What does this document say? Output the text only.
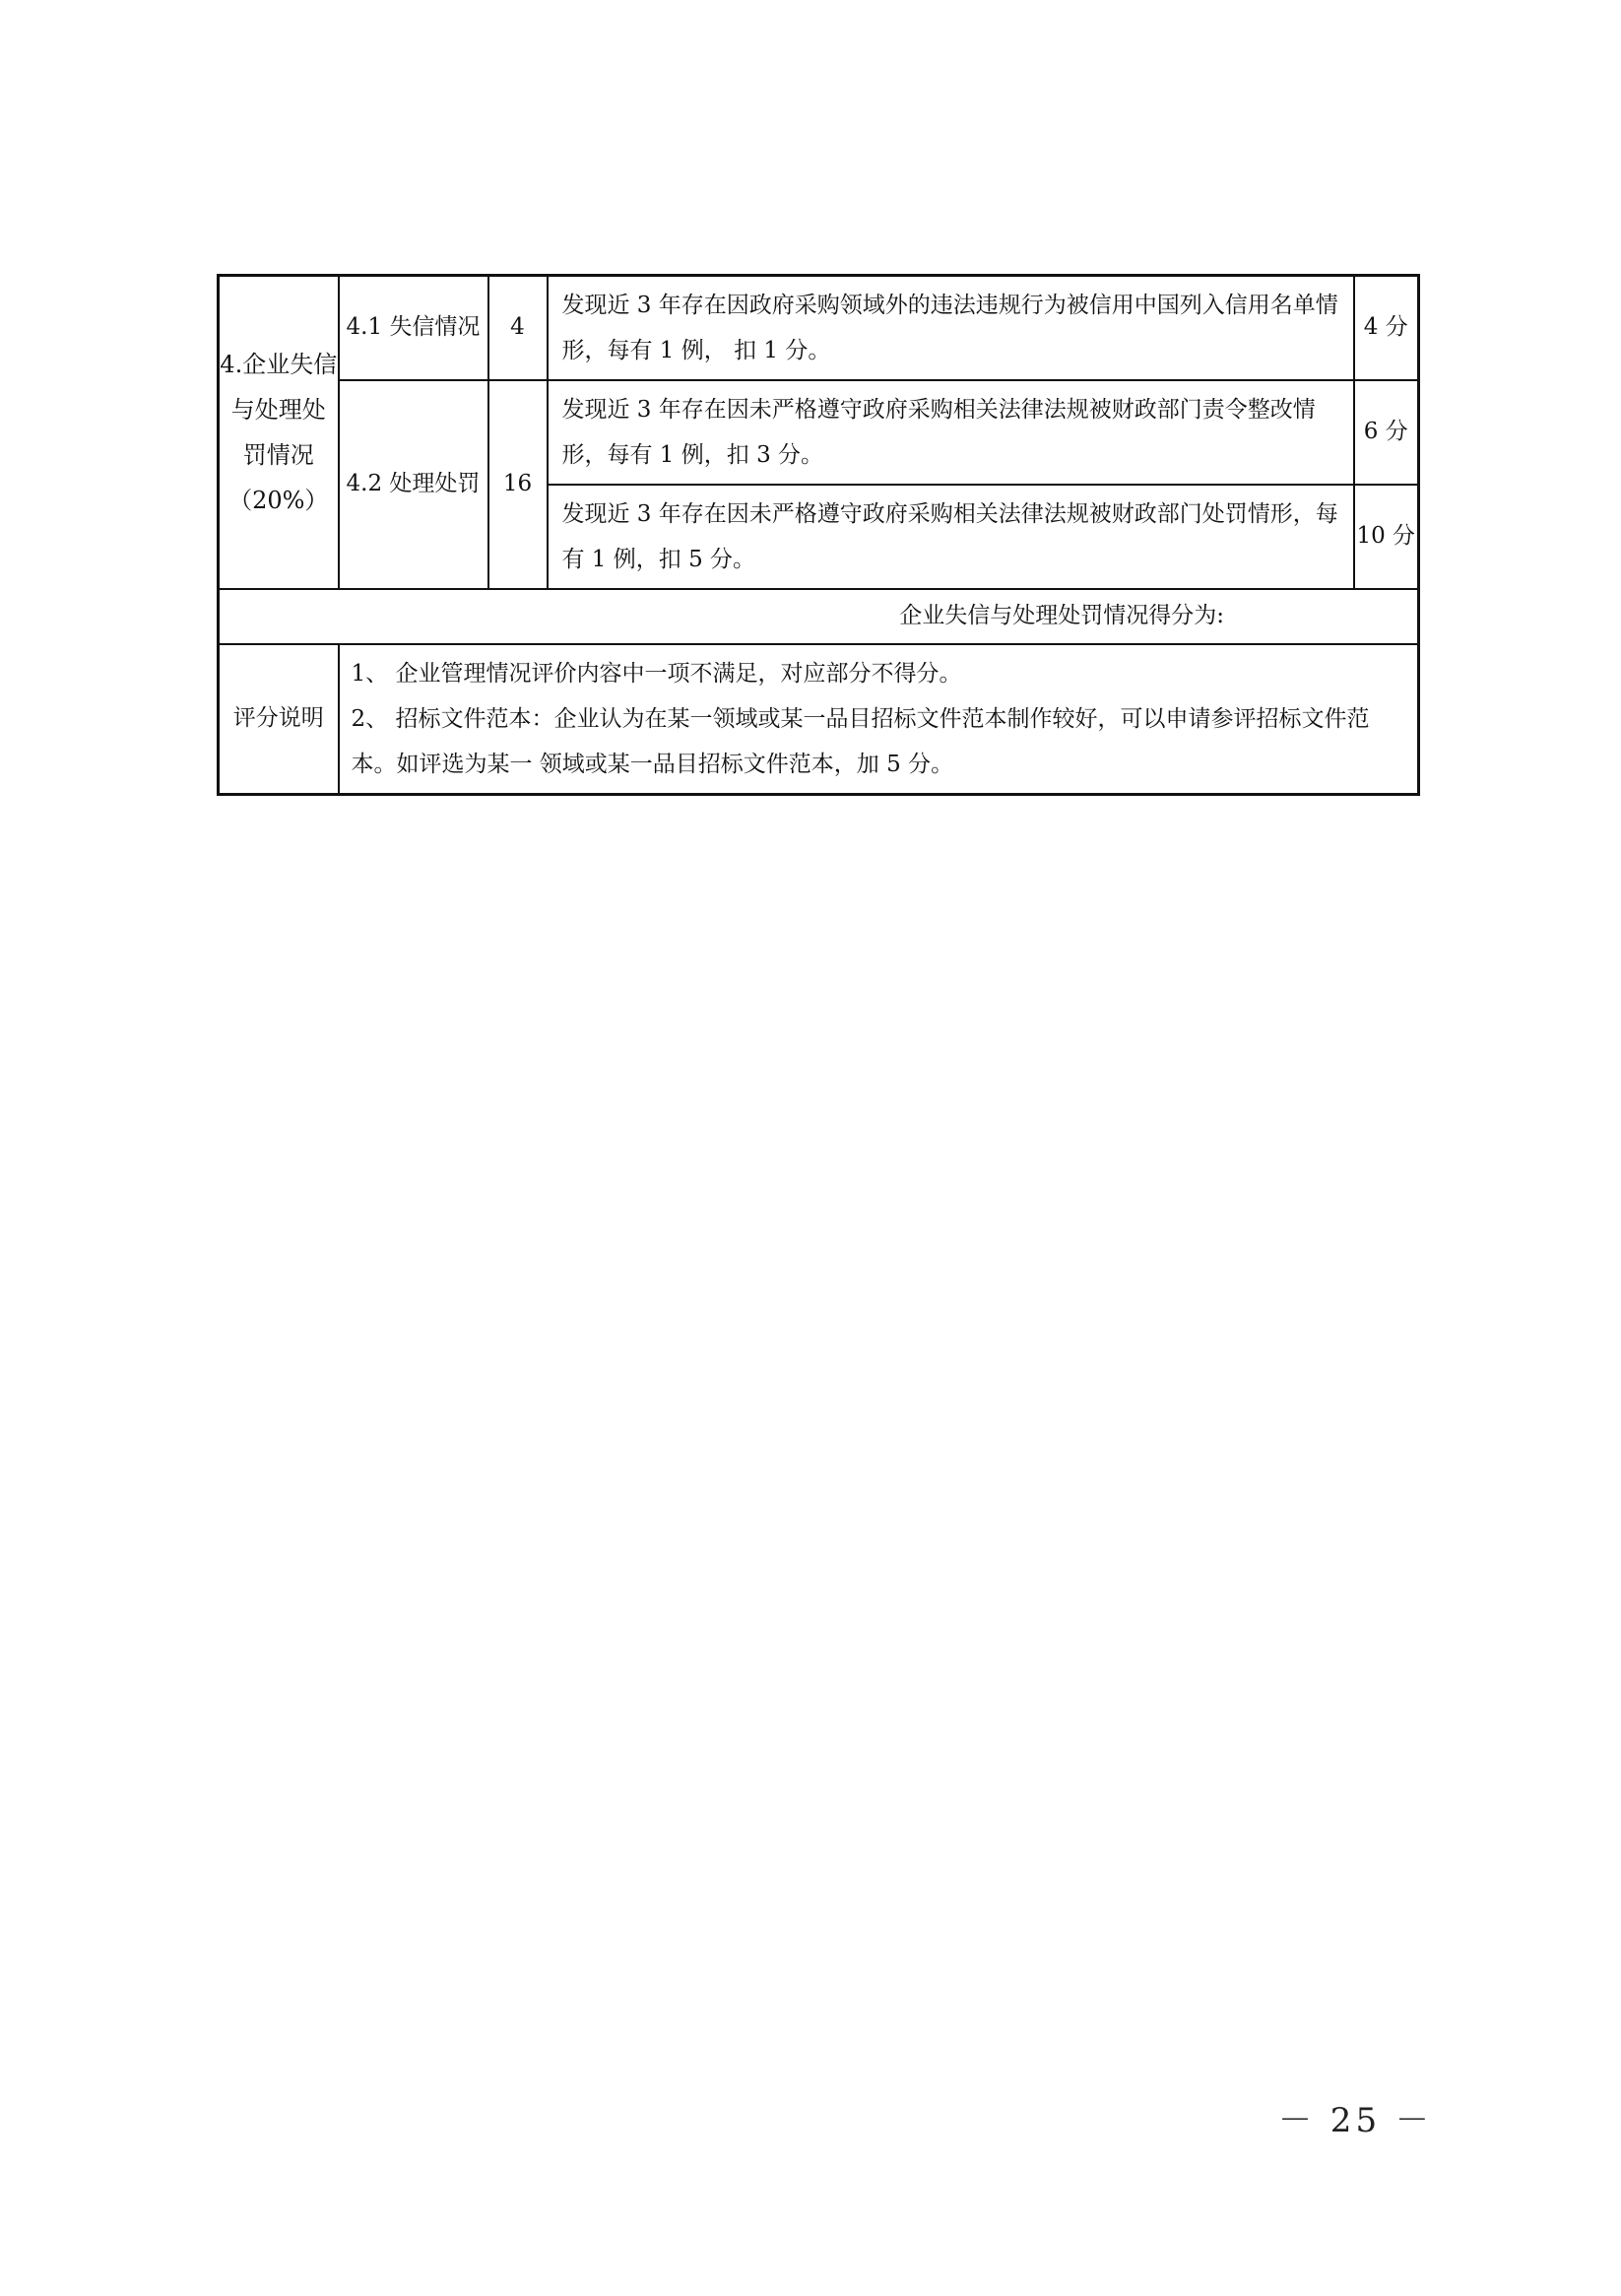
4.企业失信与处理处罚情况（20%）	4.1 失信情况	4	发现近 3 年存在因政府采购领域外的违法违规行为被信用中国列入信用名单情形，每有 1 例， 扣 1 分。	4 分
	4.2 处理处罚	16	发现近 3 年存在因未严格遵守政府采购相关法律法规被财政部门责令整改情形，每有 1 例，扣 3 分。	6 分
			发现近 3 年存在因未严格遵守政府采购相关法律法规被财政部门处罚情形，每有 1 例，扣 5 分。	10 分
企业失信与处理处罚情况得分为:				
评分说明	1、 企业管理情况评价内容中一项不满足，对应部分不得分。
2、 招标文件范本：企业认为在某一领域或某一品目招标文件范本制作较好，可以申请参评招标文件范本。如评选为某一 领域或某一品目招标文件范本，加 5 分。			
－ 25 －
